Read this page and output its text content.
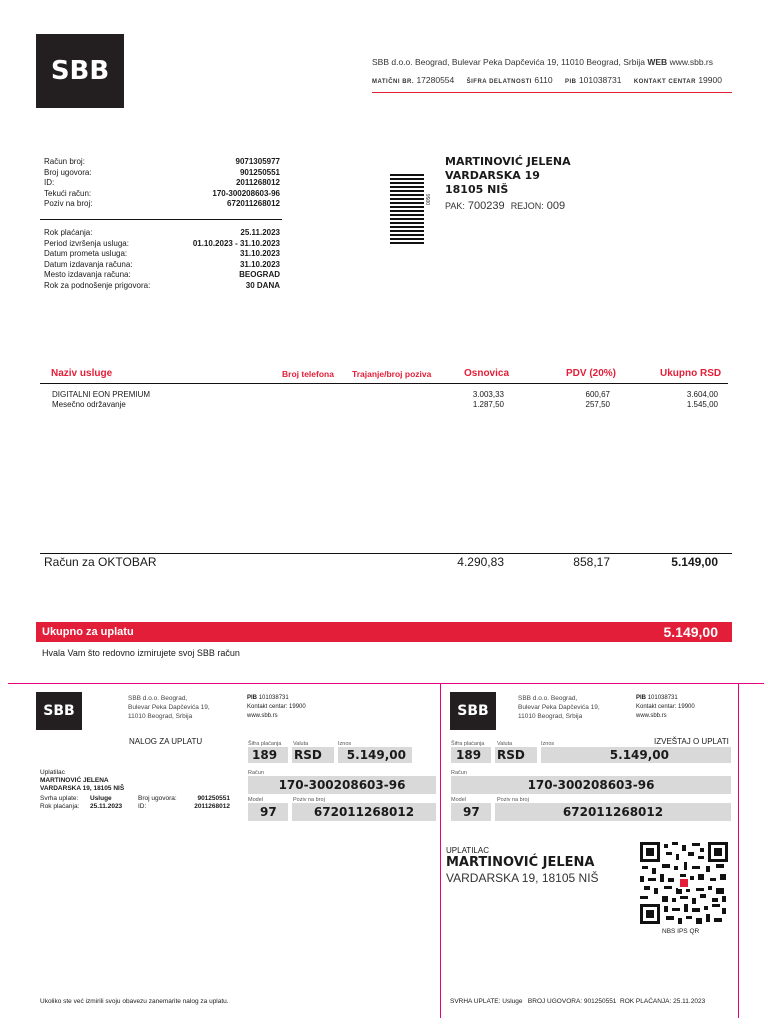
SBB	SBB d.o.o. Beograd, Bulevar Peka Dapčevića 19, 11010 Beograd, Srbija WEB www.sbb.rs
MATIČNI BR. 17280554 ŠIFRA DELATNOSTI 6110 PIB 101038731 KONTAKT CENTAR 19900
Račun broj:	9071305977
Broj ugovora:	901250551
ID:	2011268012
Tekući račun:	170-300208603-96
Poziv na broj:	672011268012
Rok plaćanja:	25.11.2023
Period izvršenja usluga:	01.10.2023 - 31.10.2023
Datum prometa usluga:	31.10.2023
Datum izdavanja računa:	31.10.2023
Mesto izdavanja računa:	BEOGRAD
Rok za podnošenje prigovora:	30 DANA
0056
MARTINOVIĆ JELENA
VARDARSKA 19
18105 NIŠ
PAK: 700239 REJON: 009
Naziv usluge	Broj telefona Trajanje/broj poziva	Osnovica	PDV (20%)	Ukupno RSD
DIGITALNI EON PREMIUM	3.003,33	600,67	3.604,00
Mesečno održavanje	1.287,50	257,50	1.545,00
Račun za OKTOBAR	4.290,83	858,17	5.149,00
Ukupno za uplatu	5.149,00
Hvala Vam što redovno izmirujete svoj SBB račun
SBB
SBB d.o.o. Beograd,
Bulevar Peka Dapčevića 19,
11010 Beograd, Srbija
PIB 101038731
Kontakt centar: 19900
www.sbb.rs
NALOG ZA UPLATU	Šifra plaćanja Valuta	Iznos
189	RSD	5.149,00
Račun
170-300208603-96
Model	Poziv na broj
97	672011268012
Uplatilac
MARTINOVIĆ JELENA
VARDARSKA 19, 18105 NIŠ
Svrha uplate:	Usluge	Broj ugovora:	901250551
Rok plaćanja:	25.11.2023	ID:	2011268012
Ukoliko ste već izmirili svoju obavezu zanemarite nalog za uplatu.
SBB
SBB d.o.o. Beograd,
Bulevar Peka Dapčevića 19,
11010 Beograd, Srbija
PIB 101038731
Kontakt centar: 19900
www.sbb.rs
IZVEŠTAJ O UPLATI
Šifra plaćanja Valuta	Iznos
189	RSD	5.149,00
Račun
170-300208603-96
Model	Poziv na broj
97	672011268012
UPLATILAC
MARTINOVIĆ JELENA
VARDARSKA 19, 18105 NIŠ
NBS IPS QR
SVRHA UPLATE: Usluge   BROJ UGOVORA: 901250551  ROK PLAĆANJA: 25.11.2023
